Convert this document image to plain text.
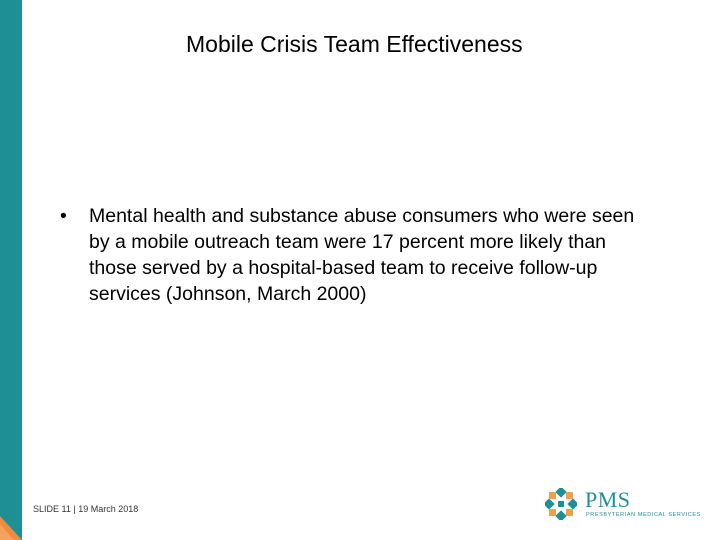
Mobile Crisis Team Effectiveness
•	Mental health and substance abuse consumers who were seen by a mobile outreach team were 17 percent more likely than those served by a hospital-based team to receive follow-up services (Johnson, March 2000)
SLIDE 11 | 19 March 2018	PMS
PRESBYTERIAN MEDICAL SERVICES
